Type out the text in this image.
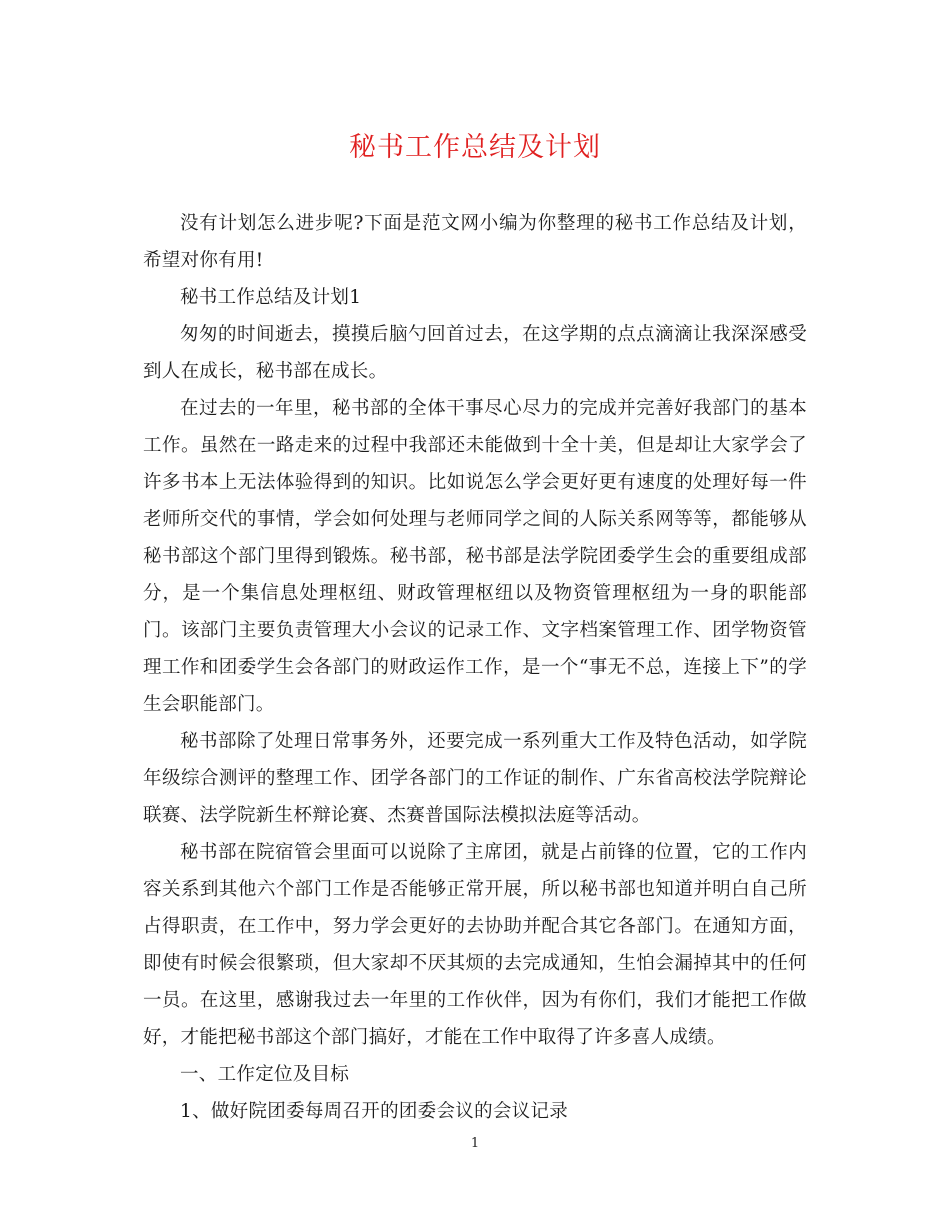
秘书工作总结及计划

没有计划怎么进步呢?下面是范文网小编为你整理的秘书工作总结及计划，希望对你有用!

秘书工作总结及计划1

匆匆的时间逝去，摸摸后脑勺回首过去，在这学期的点点滴滴让我深深感受到人在成长，秘书部在成长。

在过去的一年里，秘书部的全体干事尽心尽力的完成并完善好我部门的基本工作。虽然在一路走来的过程中我部还未能做到十全十美，但是却让大家学会了许多书本上无法体验得到的知识。比如说怎么学会更好更有速度的处理好每一件老师所交代的事情，学会如何处理与老师同学之间的人际关系网等等，都能够从秘书部这个部门里得到锻炼。秘书部，秘书部是法学院团委学生会的重要组成部分，是一个集信息处理枢纽、财政管理枢纽以及物资管理枢纽为一身的职能部门。该部门主要负责管理大小会议的记录工作、文字档案管理工作、团学物资管理工作和团委学生会各部门的财政运作工作，是一个“事无不总，连接上下”的学生会职能部门。

秘书部除了处理日常事务外，还要完成一系列重大工作及特色活动，如学院年级综合测评的整理工作、团学各部门的工作证的制作、广东省高校法学院辩论联赛、法学院新生杯辩论赛、杰赛普国际法模拟法庭等活动。

秘书部在院宿管会里面可以说除了主席团，就是占前锋的位置，它的工作内容关系到其他六个部门工作是否能够正常开展，所以秘书部也知道并明白自己所占得职责，在工作中，努力学会更好的去协助并配合其它各部门。在通知方面，即使有时候会很繁琐，但大家却不厌其烦的去完成通知，生怕会漏掉其中的任何一员。在这里，感谢我过去一年里的工作伙伴，因为有你们，我们才能把工作做好，才能把秘书部这个部门搞好，才能在工作中取得了许多喜人成绩。

一、工作定位及目标

1、做好院团委每周召开的团委会议的会议记录

1
